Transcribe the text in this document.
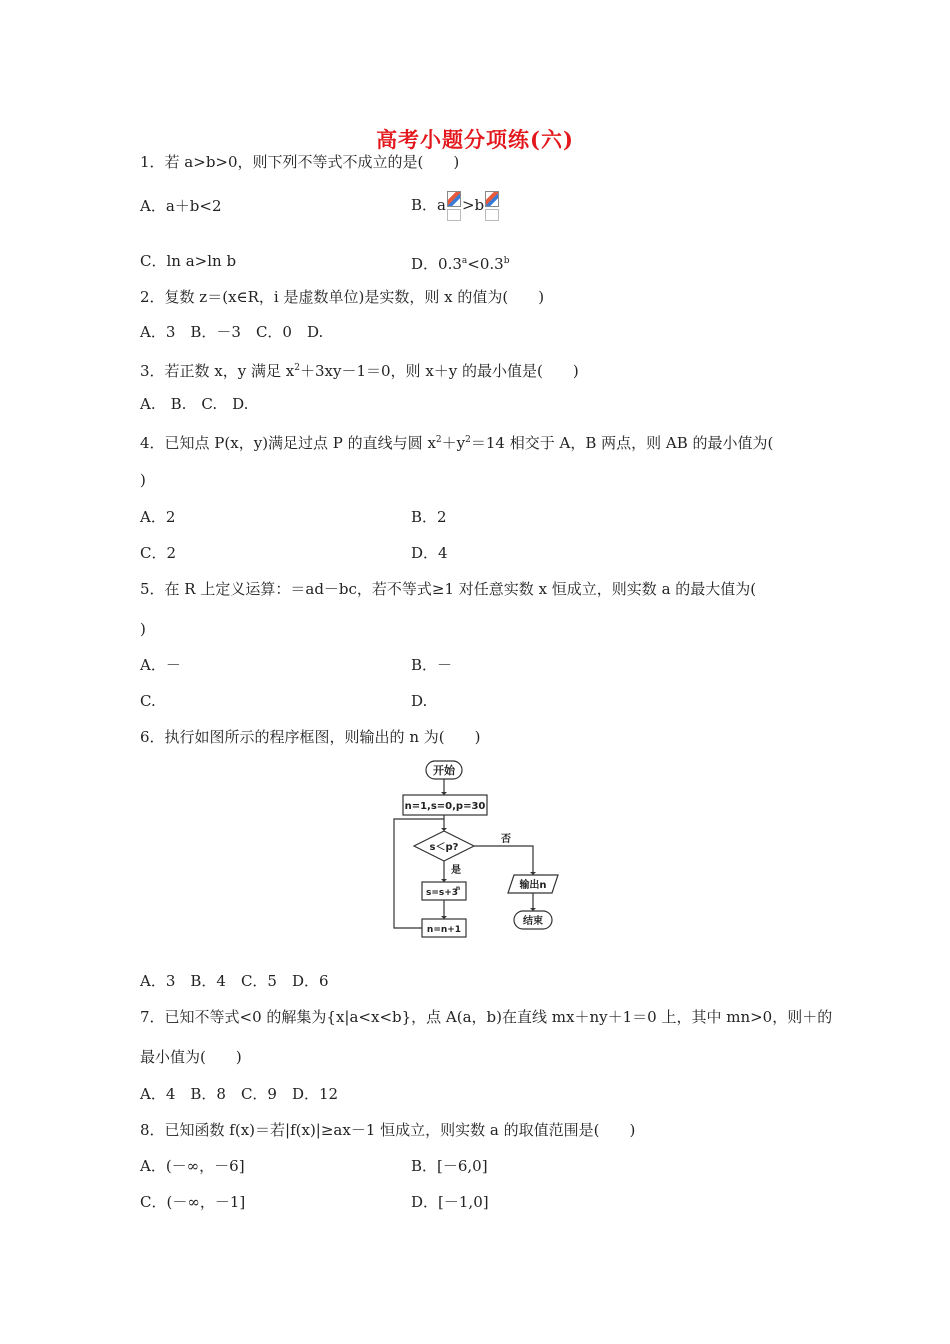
高考小题分项练(六)
1．若 a>b>0，则下列不等式不成立的是(　　)
A．a＋b<2	B．a >b
C．ln a>ln b	D．0.3$^a$<0.3$^b$
2．复数 z＝(x∈R，i 是虚数单位)是实数，则 x 的值为(　　)
A．3　B．－3　C．0　D.
3．若正数 x，y 满足 $x^2+3xy-1=0$，则 x＋y 的最小值是(　　)
A.　B.　C.　D.
4．已知点 P(x，y)满足过点 P 的直线与圆 $x^2+y^2=14$ 相交于 A，B 两点，则 AB 的最小值为(
)
A．2	B．2
C．2	D．4
5．在 R 上定义运算：＝ad－bc，若不等式≥1 对任意实数 x 恒成立，则实数 a 的最大值为(
)
A．－	B．－
C.	D.
6．执行如图所示的程序框图，则输出的 n 为(　　)
开始
n=1,s=0,p=30
s＜p?
否
是
s=s+3
n
n=n+1
输出n
结束
A．3　B．4　C．5　D．6
7．已知不等式<0 的解集为{x|a<x<b}，点 A(a，b)在直线 mx＋ny＋1＝0 上，其中 mn>0，则＋的
最小值为(　　)
A．4　B．8　C．9　D．12
8．已知函数 f(x)＝若|f(x)|≥ax－1 恒成立，则实数 a 的取值范围是(　　)
A．(－∞，－6]	B．[－6,0]
C．(－∞，－1]	D．[－1,0]
